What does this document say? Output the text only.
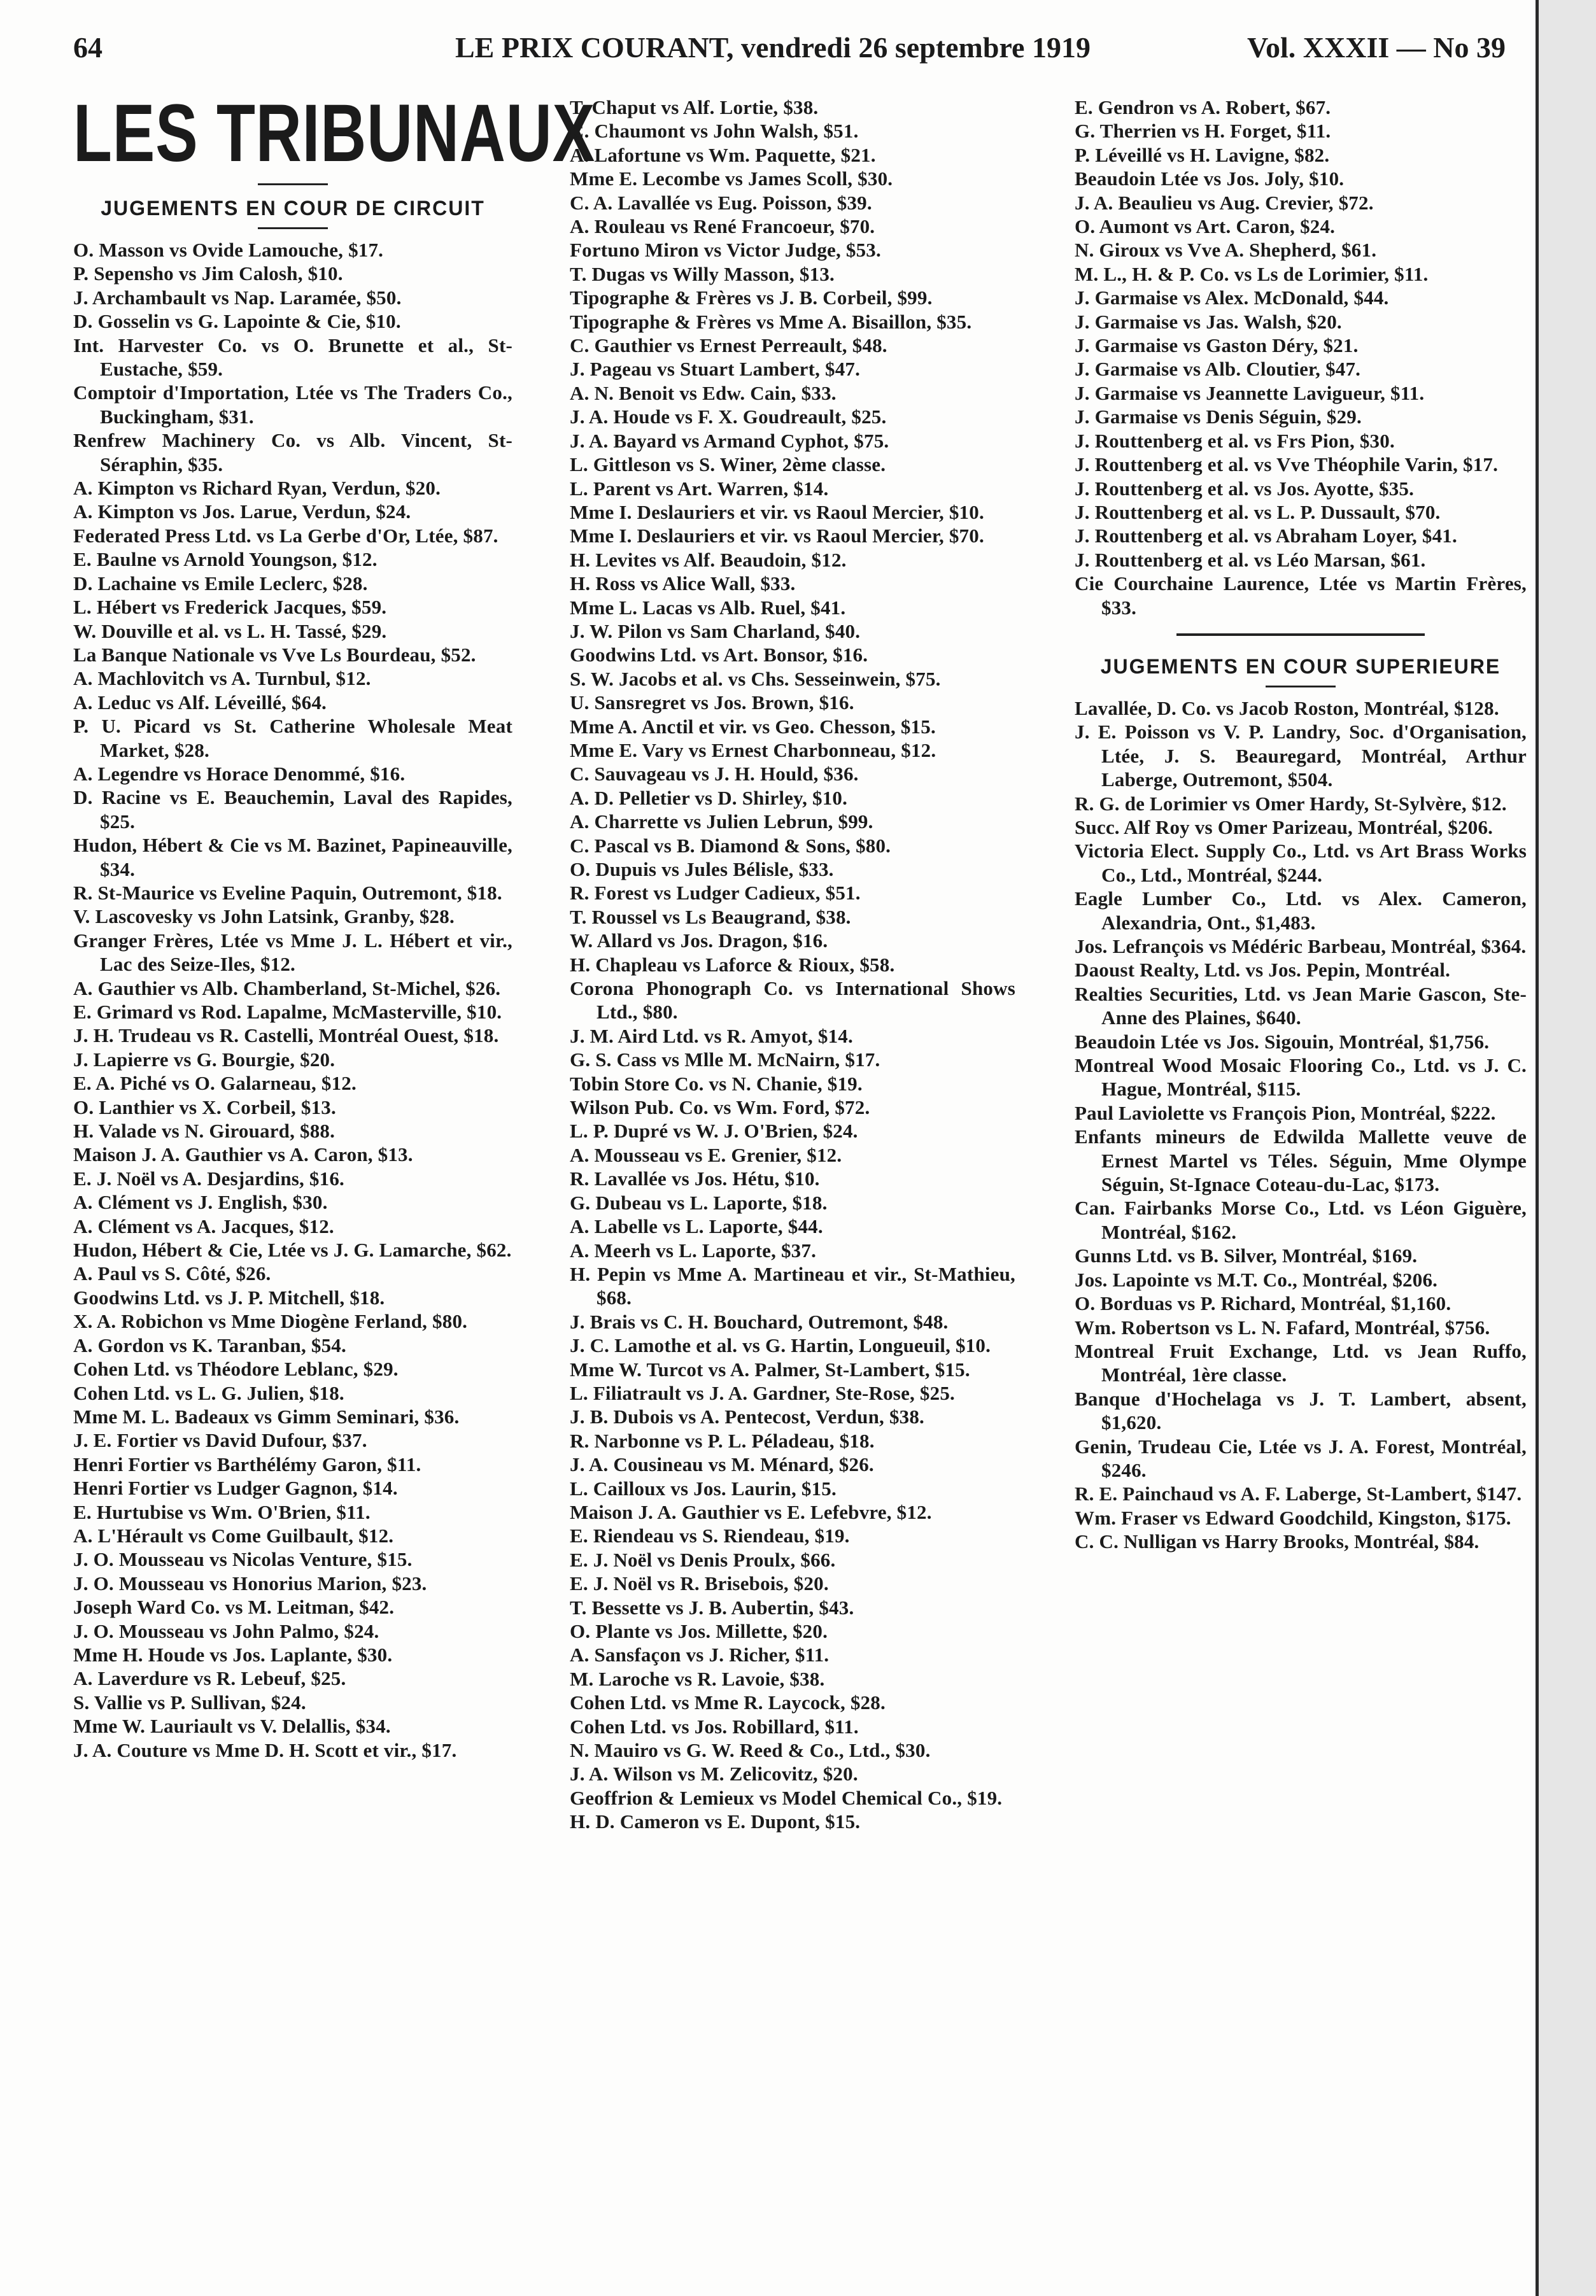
64	LE PRIX COURANT, vendredi 26 septembre 1919	Vol. XXXII — No 39
LES TRIBUNAUX
JUGEMENTS EN COUR DE CIRCUIT
O. Masson vs Ovide Lamouche, $17.
P. Sepensho vs Jim Calosh, $10.
J. Archambault vs Nap. Laramée, $50.
D. Gosselin vs G. Lapointe & Cie, $10.
Int. Harvester Co. vs O. Brunette et al., St-Eustache, $59.
Comptoir d'Importation, Ltée vs The Traders Co., Buckingham, $31.
Renfrew Machinery Co. vs Alb. Vincent, St-Séraphin, $35.
A. Kimpton vs Richard Ryan, Verdun, $20.
A. Kimpton vs Jos. Larue, Verdun, $24.
Federated Press Ltd. vs La Gerbe d'Or, Ltée, $87.
E. Baulne vs Arnold Youngson, $12.
D. Lachaine vs Emile Leclerc, $28.
L. Hébert vs Frederick Jacques, $59.
W. Douville et al. vs L. H. Tassé, $29.
La Banque Nationale vs Vve Ls Bourdeau, $52.
A. Machlovitch vs A. Turnbul, $12.
A. Leduc vs Alf. Léveillé, $64.
P. U. Picard vs St. Catherine Wholesale Meat Market, $28.
A. Legendre vs Horace Denommé, $16.
D. Racine vs E. Beauchemin, Laval des Rapides, $25.
Hudon, Hébert & Cie vs M. Bazinet, Papineauville, $34.
R. St-Maurice vs Eveline Paquin, Outremont, $18.
V. Lascovesky vs John Latsink, Granby, $28.
Granger Frères, Ltée vs Mme J. L. Hébert et vir., Lac des Seize-Iles, $12.
A. Gauthier vs Alb. Chamberland, St-Michel, $26.
E. Grimard vs Rod. Lapalme, McMasterville, $10.
J. H. Trudeau vs R. Castelli, Montréal Ouest, $18.
J. Lapierre vs G. Bourgie, $20.
E. A. Piché vs O. Galarneau, $12.
O. Lanthier vs X. Corbeil, $13.
H. Valade vs N. Girouard, $88.
Maison J. A. Gauthier vs A. Caron, $13.
E. J. Noël vs A. Desjardins, $16.
A. Clément vs J. English, $30.
A. Clément vs A. Jacques, $12.
Hudon, Hébert & Cie, Ltée vs J. G. Lamarche, $62.
A. Paul vs S. Côté, $26.
Goodwins Ltd. vs J. P. Mitchell, $18.
X. A. Robichon vs Mme Diogène Ferland, $80.
A. Gordon vs K. Taranban, $54.
Cohen Ltd. vs Théodore Leblanc, $29.
Cohen Ltd. vs L. G. Julien, $18.
Mme M. L. Badeaux vs Gimm Seminari, $36.
J. E. Fortier vs David Dufour, $37.
Henri Fortier vs Barthélémy Garon, $11.
Henri Fortier vs Ludger Gagnon, $14.
E. Hurtubise vs Wm. O'Brien, $11.
A. L'Hérault vs Come Guilbault, $12.
J. O. Mousseau vs Nicolas Venture, $15.
J. O. Mousseau vs Honorius Marion, $23.
Joseph Ward Co. vs M. Leitman, $42.
J. O. Mousseau vs John Palmo, $24.
Mme H. Houde vs Jos. Laplante, $30.
A. Laverdure vs R. Lebeuf, $25.
S. Vallie vs P. Sullivan, $24.
Mme W. Lauriault vs V. Delallis, $34.
J. A. Couture vs Mme D. H. Scott et vir., $17.
T. Chaput vs Alf. Lortie, $38.
C. Chaumont vs John Walsh, $51.
A. Lafortune vs Wm. Paquette, $21.
Mme E. Lecombe vs James Scoll, $30.
C. A. Lavallée vs Eug. Poisson, $39.
A. Rouleau vs René Francoeur, $70.
Fortuno Miron vs Victor Judge, $53.
T. Dugas vs Willy Masson, $13.
Tipographe & Frères vs J. B. Corbeil, $99.
Tipographe & Frères vs Mme A. Bisaillon, $35.
C. Gauthier vs Ernest Perreault, $48.
J. Pageau vs Stuart Lambert, $47.
A. N. Benoit vs Edw. Cain, $33.
J. A. Houde vs F. X. Goudreault, $25.
J. A. Bayard vs Armand Cyphot, $75.
L. Gittleson vs S. Winer, 2ème classe.
L. Parent vs Art. Warren, $14.
Mme I. Deslauriers et vir. vs Raoul Mercier, $10.
Mme I. Deslauriers et vir. vs Raoul Mercier, $70.
H. Levites vs Alf. Beaudoin, $12.
H. Ross vs Alice Wall, $33.
Mme L. Lacas vs Alb. Ruel, $41.
J. W. Pilon vs Sam Charland, $40.
Goodwins Ltd. vs Art. Bonsor, $16.
S. W. Jacobs et al. vs Chs. Sesseinwein, $75.
U. Sansregret vs Jos. Brown, $16.
Mme A. Anctil et vir. vs Geo. Chesson, $15.
Mme E. Vary vs Ernest Charbonneau, $12.
C. Sauvageau vs J. H. Hould, $36.
A. D. Pelletier vs D. Shirley, $10.
A. Charrette vs Julien Lebrun, $99.
C. Pascal vs B. Diamond & Sons, $80.
O. Dupuis vs Jules Bélisle, $33.
R. Forest vs Ludger Cadieux, $51.
T. Roussel vs Ls Beaugrand, $38.
W. Allard vs Jos. Dragon, $16.
H. Chapleau vs Laforce & Rioux, $58.
Corona Phonograph Co. vs International Shows Ltd., $80.
J. M. Aird Ltd. vs R. Amyot, $14.
G. S. Cass vs Mlle M. McNairn, $17.
Tobin Store Co. vs N. Chanie, $19.
Wilson Pub. Co. vs Wm. Ford, $72.
L. P. Dupré vs W. J. O'Brien, $24.
A. Mousseau vs E. Grenier, $12.
R. Lavallée vs Jos. Hétu, $10.
G. Dubeau vs L. Laporte, $18.
A. Labelle vs L. Laporte, $44.
A. Meerh vs L. Laporte, $37.
H. Pepin vs Mme A. Martineau et vir., St-Mathieu, $68.
J. Brais vs C. H. Bouchard, Outremont, $48.
J. C. Lamothe et al. vs G. Hartin, Longueuil, $10.
Mme W. Turcot vs A. Palmer, St-Lambert, $15.
L. Filiatrault vs J. A. Gardner, Ste-Rose, $25.
J. B. Dubois vs A. Pentecost, Verdun, $38.
R. Narbonne vs P. L. Péladeau, $18.
J. A. Cousineau vs M. Ménard, $26.
L. Cailloux vs Jos. Laurin, $15.
Maison J. A. Gauthier vs E. Lefebvre, $12.
E. Riendeau vs S. Riendeau, $19.
E. J. Noël vs Denis Proulx, $66.
E. J. Noël vs R. Brisebois, $20.
T. Bessette vs J. B. Aubertin, $43.
O. Plante vs Jos. Millette, $20.
A. Sansfaçon vs J. Richer, $11.
M. Laroche vs R. Lavoie, $38.
Cohen Ltd. vs Mme R. Laycock, $28.
Cohen Ltd. vs Jos. Robillard, $11.
N. Mauiro vs G. W. Reed & Co., Ltd., $30.
J. A. Wilson vs M. Zelicovitz, $20.
Geoffrion & Lemieux vs Model Chemical Co., $19.
H. D. Cameron vs E. Dupont, $15.
E. Gendron vs A. Robert, $67.
G. Therrien vs H. Forget, $11.
P. Léveillé vs H. Lavigne, $82.
Beaudoin Ltée vs Jos. Joly, $10.
J. A. Beaulieu vs Aug. Crevier, $72.
O. Aumont vs Art. Caron, $24.
N. Giroux vs Vve A. Shepherd, $61.
M. L., H. & P. Co. vs Ls de Lorimier, $11.
J. Garmaise vs Alex. McDonald, $44.
J. Garmaise vs Jas. Walsh, $20.
J. Garmaise vs Gaston Déry, $21.
J. Garmaise vs Alb. Cloutier, $47.
J. Garmaise vs Jeannette Lavigueur, $11.
J. Garmaise vs Denis Séguin, $29.
J. Routtenberg et al. vs Frs Pion, $30.
J. Routtenberg et al. vs Vve Théophile Varin, $17.
J. Routtenberg et al. vs Jos. Ayotte, $35.
J. Routtenberg et al. vs L. P. Dussault, $70.
J. Routtenberg et al. vs Abraham Loyer, $41.
J. Routtenberg et al. vs Léo Marsan, $61.
Cie Courchaine Laurence, Ltée vs Martin Frères, $33.
JUGEMENTS EN COUR SUPERIEURE
Lavallée, D. Co. vs Jacob Roston, Montréal, $128.
J. E. Poisson vs V. P. Landry, Soc. d'Organisation, Ltée, J. S. Beauregard, Montréal, Arthur Laberge, Outremont, $504.
R. G. de Lorimier vs Omer Hardy, St-Sylvère, $12.
Succ. Alf Roy vs Omer Parizeau, Montréal, $206.
Victoria Elect. Supply Co., Ltd. vs Art Brass Works Co., Ltd., Montréal, $244.
Eagle Lumber Co., Ltd. vs Alex. Cameron, Alexandria, Ont., $1,483.
Jos. Lefrançois vs Médéric Barbeau, Montréal, $364.
Daoust Realty, Ltd. vs Jos. Pepin, Montréal.
Realties Securities, Ltd. vs Jean Marie Gascon, Ste-Anne des Plaines, $640.
Beaudoin Ltée vs Jos. Sigouin, Montréal, $1,756.
Montreal Wood Mosaic Flooring Co., Ltd. vs J. C. Hague, Montréal, $115.
Paul Laviolette vs François Pion, Montréal, $222.
Enfants mineurs de Edwilda Mallette veuve de Ernest Martel vs Téles. Séguin, Mme Olympe Séguin, St-Ignace Coteau-du-Lac, $173.
Can. Fairbanks Morse Co., Ltd. vs Léon Giguère, Montréal, $162.
Gunns Ltd. vs B. Silver, Montréal, $169.
Jos. Lapointe vs M.T. Co., Montréal, $206.
O. Borduas vs P. Richard, Montréal, $1,160.
Wm. Robertson vs L. N. Fafard, Montréal, $756.
Montreal Fruit Exchange, Ltd. vs Jean Ruffo, Montréal, 1ère classe.
Banque d'Hochelaga vs J. T. Lambert, absent, $1,620.
Genin, Trudeau Cie, Ltée vs J. A. Forest, Montréal, $246.
R. E. Painchaud vs A. F. Laberge, St-Lambert, $147.
Wm. Fraser vs Edward Goodchild, Kingston, $175.
C. C. Nulligan vs Harry Brooks, Montréal, $84.
